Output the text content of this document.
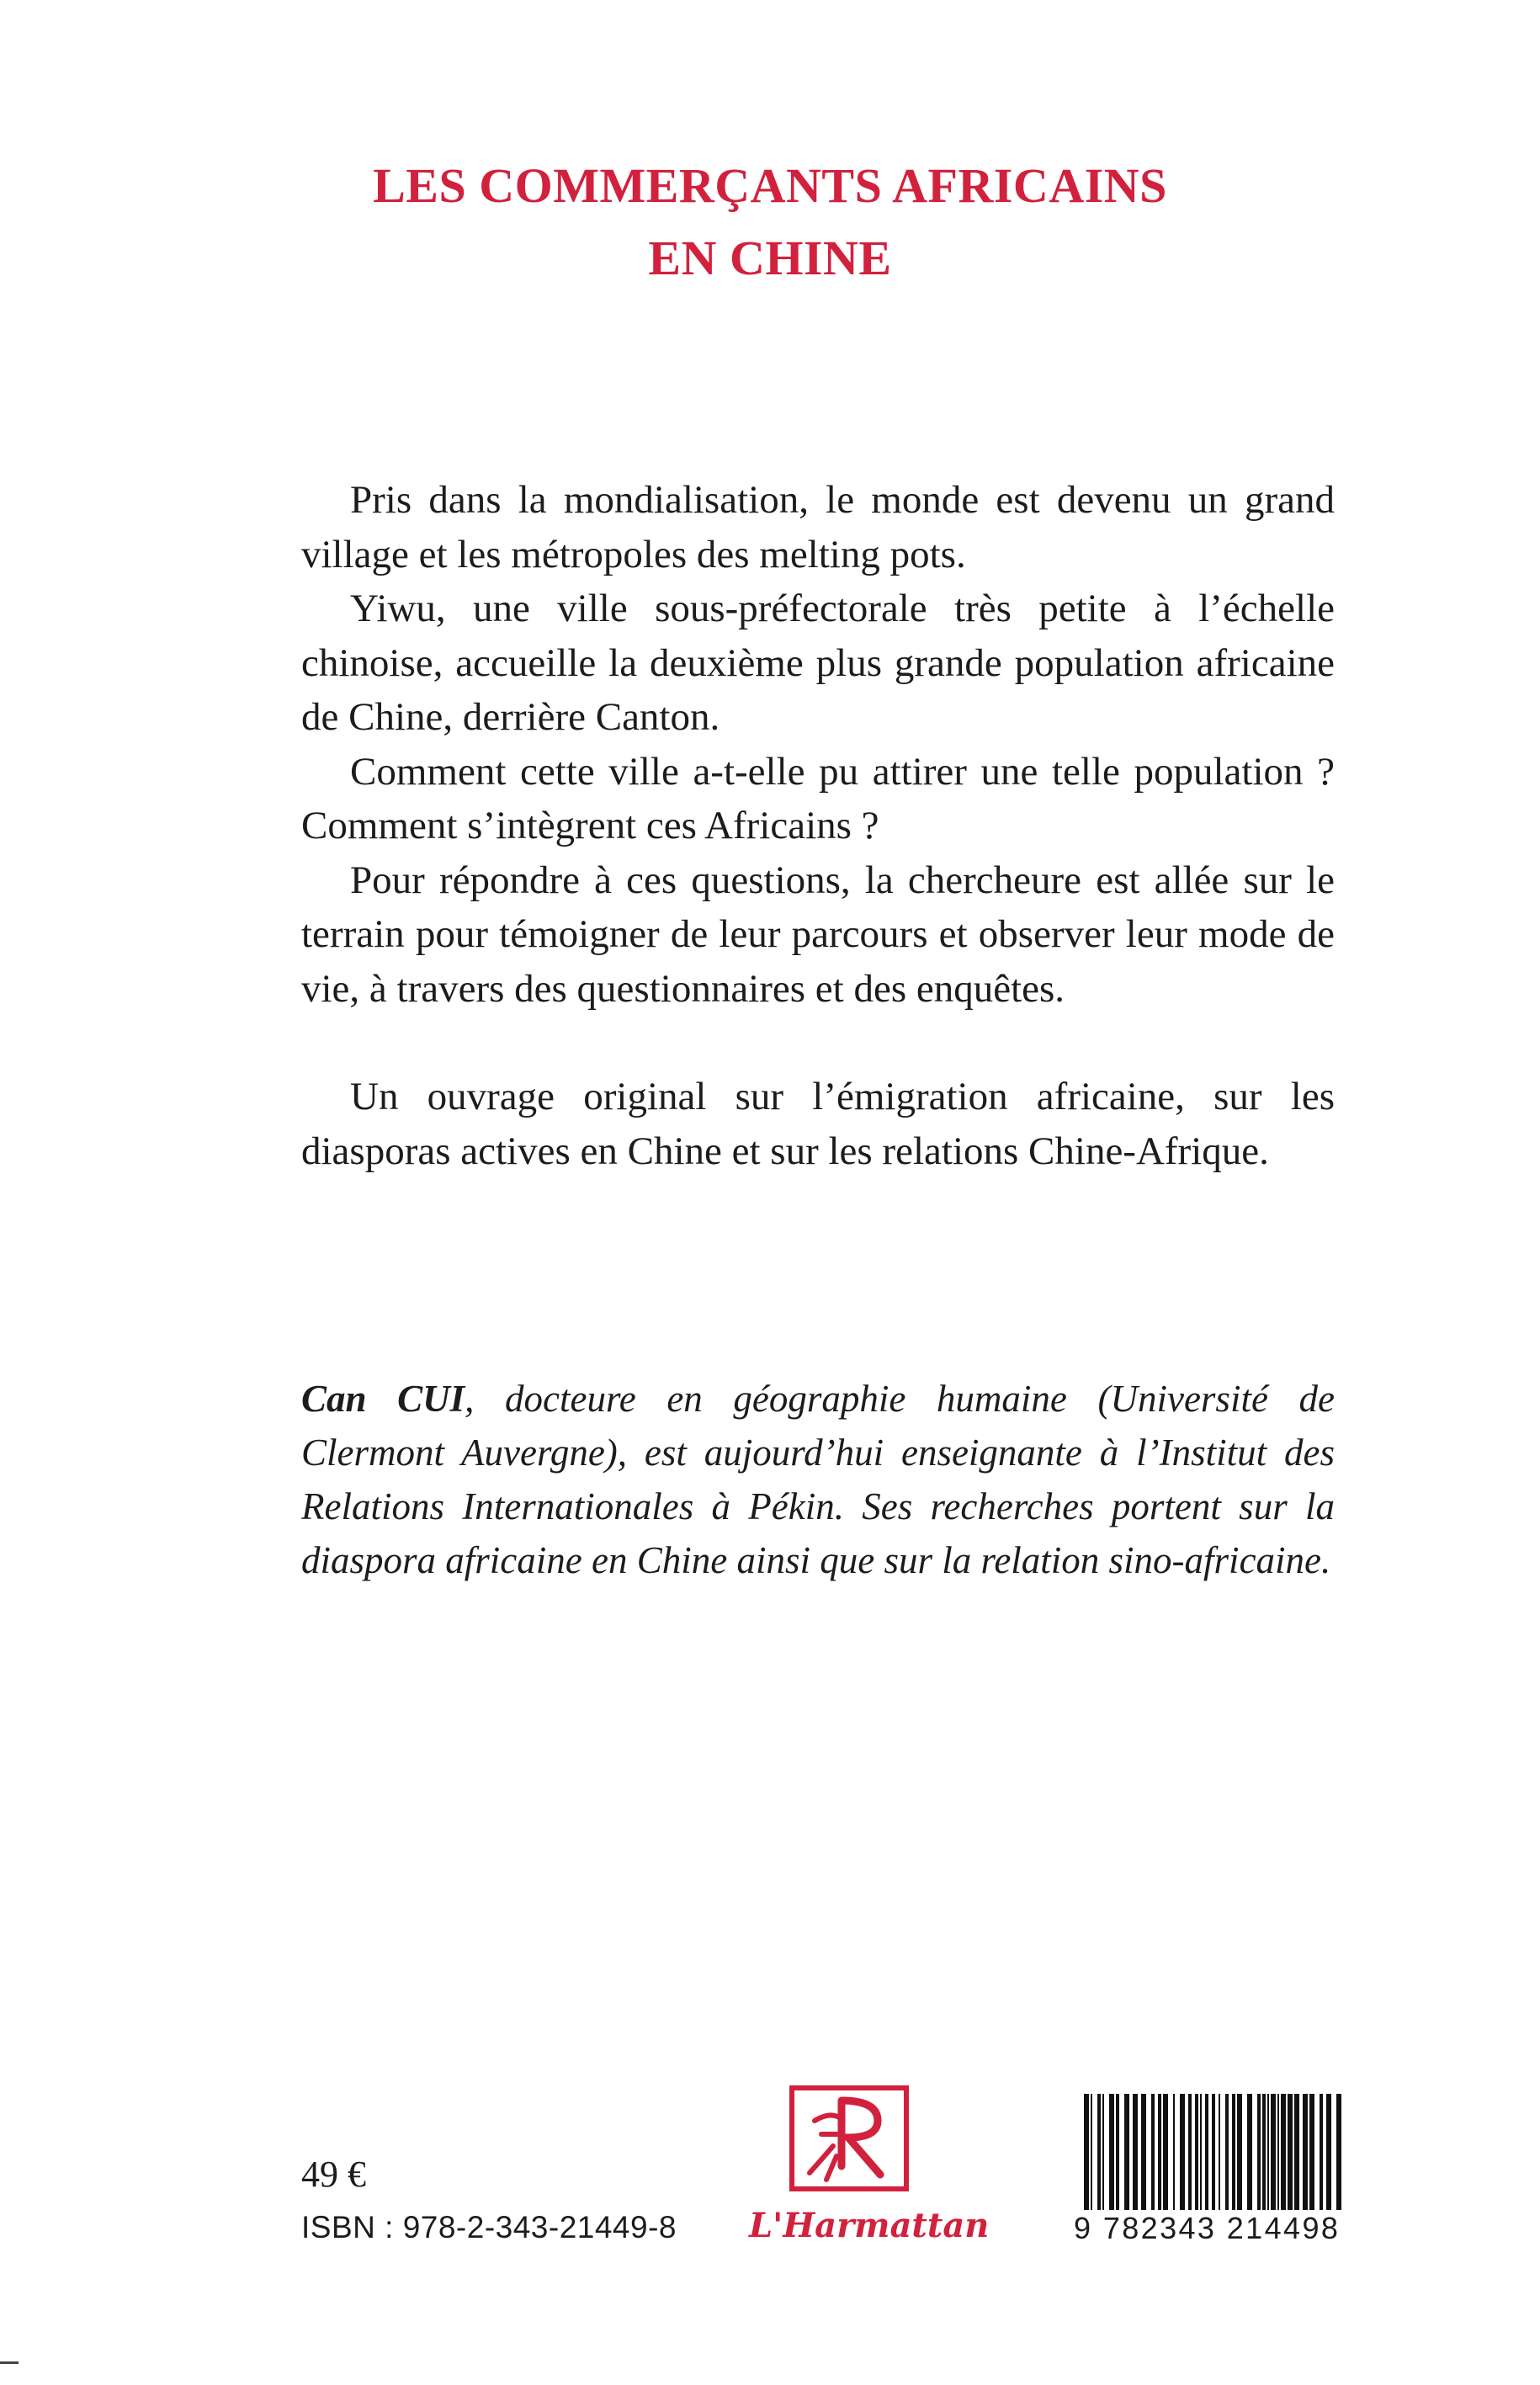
LES COMMERÇANTS AFRICAINS
EN CHINE

Pris dans la mondialisation, le monde est devenu un grand village et les métropoles des melting pots.

Yiwu, une ville sous-préfectorale très petite à l’échelle chinoise, accueille la deuxième plus grande population africaine de Chine, derrière Canton.

Comment cette ville a-t-elle pu attirer une telle population ? Comment s’intègrent ces Africains ?

Pour répondre à ces questions, la chercheure est allée sur le terrain pour témoigner de leur parcours et observer leur mode de vie, à travers des questionnaires et des enquêtes.

Un ouvrage original sur l’émigration africaine, sur les diasporas actives en Chine et sur les relations Chine-Afrique.

Can CUI, docteure en géographie humaine (Université de Clermont Auvergne), est aujourd’hui enseignante à l’Institut des Relations Internationales à Pékin. Ses recherches portent sur la diaspora africaine en Chine ainsi que sur la relation sino-africaine.
49 €
ISBN : 978-2-343-21449-8 L'Harmattan	9 782343 214498
